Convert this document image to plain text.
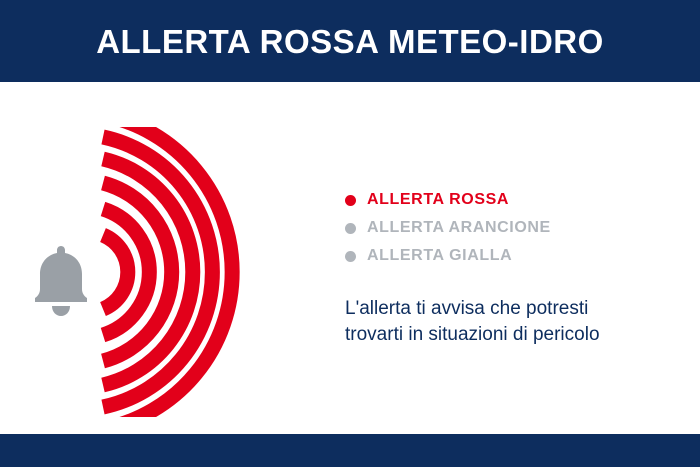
ALLERTA ROSSA METEO-IDRO
ALLERTA ROSSA
ALLERTA ARANCIONE
ALLERTA GIALLA
L'allerta ti avvisa che potresti
trovarti in situazioni di pericolo
